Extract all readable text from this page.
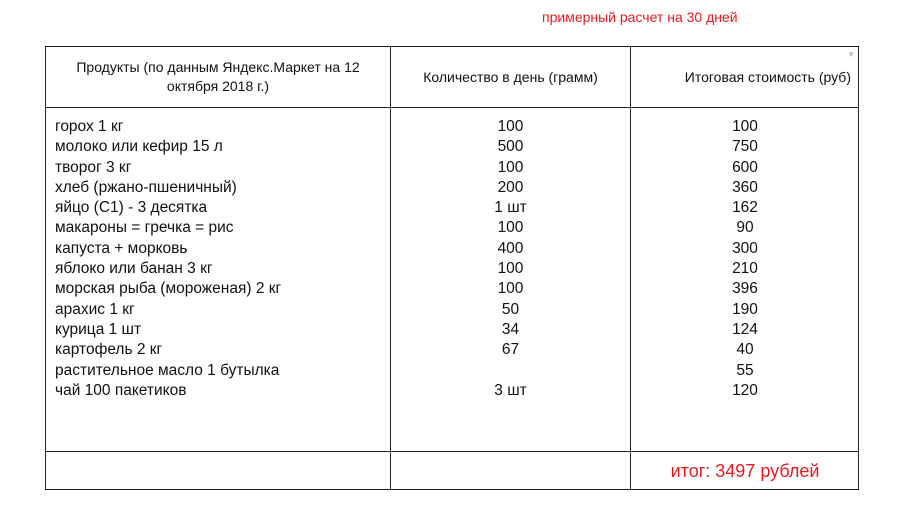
примерный расчет на 30 дней
Продукты (по данным Яндекс.Маркет на 12 октября 2018 г.)
Количество в день (грамм)	Итоговая стоимость (руб)
▼
горох 1 кг
молоко или кефир 15 л
творог 3 кг
хлеб (ржано-пшеничный)
яйцо (С1) - 3 десятка
макароны = гречка = рис
капуста + морковь
яблоко или банан 3 кг
морская рыба (мороженая) 2 кг
арахис 1 кг
курица 1 шт
картофель 2 кг
растительное масло 1 бутылка
чай 100 пакетиков
100
500
100
200
1 шт
100
400
100
100
50
34
67
3 шт
100
750
600
360
162
90
300
210
396
190
124
40
55
120
итог: 3497 рублей
